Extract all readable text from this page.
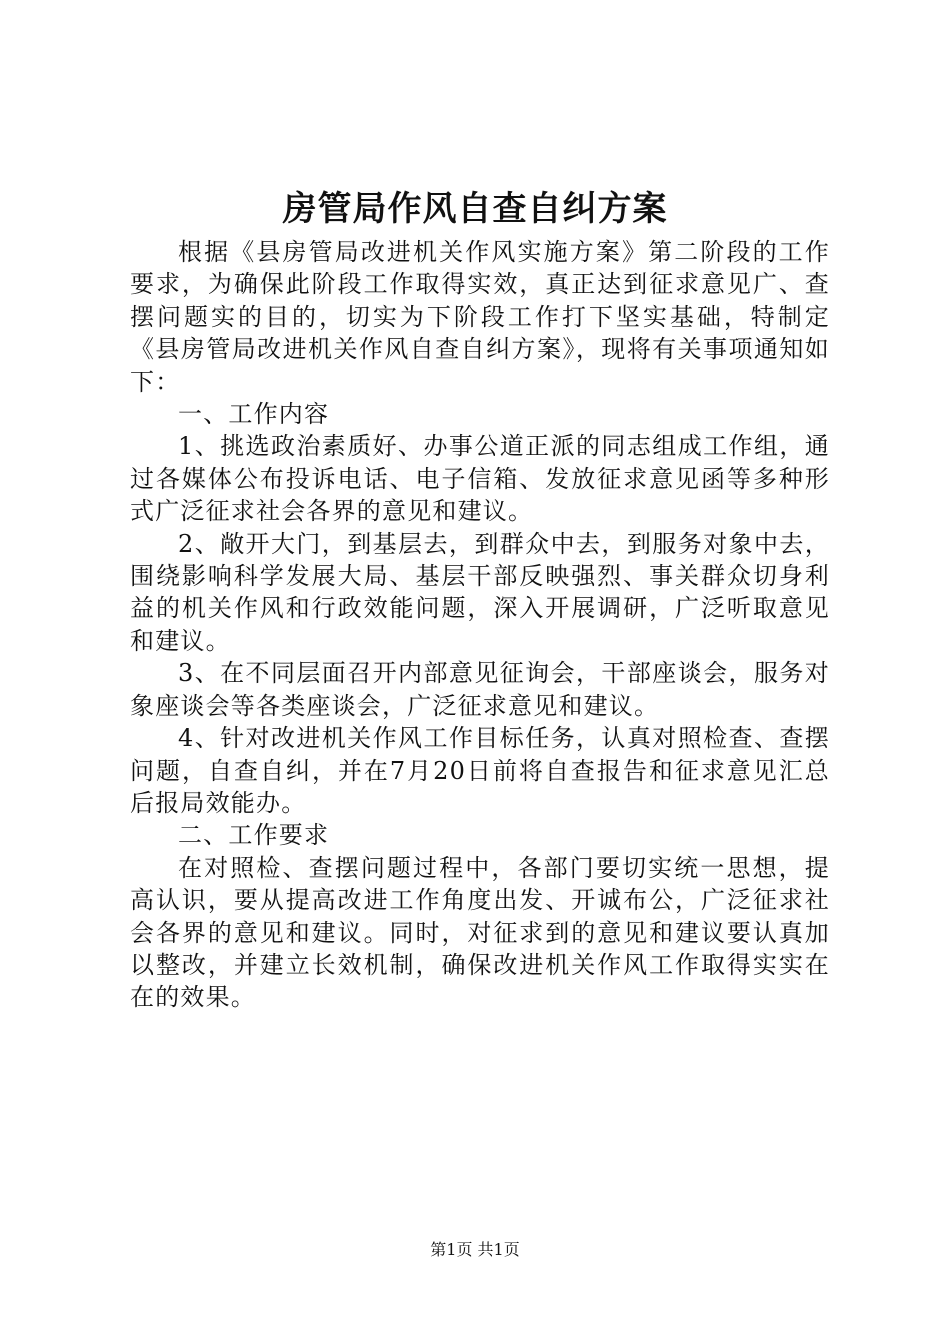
房管局作风自查自纠方案

根据《县房管局改进机关作风实施方案》第二阶段的工作要求，为确保此阶段工作取得实效，真正达到征求意见广、查摆问题实的目的，切实为下阶段工作打下坚实基础，特制定《县房管局改进机关作风自查自纠方案》，现将有关事项通知如下：

一、工作内容

1、挑选政治素质好、办事公道正派的同志组成工作组，通过各媒体公布投诉电话、电子信箱、发放征求意见函等多种形式广泛征求社会各界的意见和建议。

2、敞开大门，到基层去，到群众中去，到服务对象中去，围绕影响科学发展大局、基层干部反映强烈、事关群众切身利益的机关作风和行政效能问题，深入开展调研，广泛听取意见和建议。

3、在不同层面召开内部意见征询会，干部座谈会，服务对象座谈会等各类座谈会，广泛征求意见和建议。

4、针对改进机关作风工作目标任务，认真对照检查、查摆问题，自查自纠，并在7月20日前将自查报告和征求意见汇总后报局效能办。

二、工作要求

在对照检、查摆问题过程中，各部门要切实统一思想，提高认识，要从提高改进工作角度出发、开诚布公，广泛征求社会各界的意见和建议。同时，对征求到的意见和建议要认真加以整改，并建立长效机制，确保改进机关作风工作取得实实在在的效果。

第1页 共1页
